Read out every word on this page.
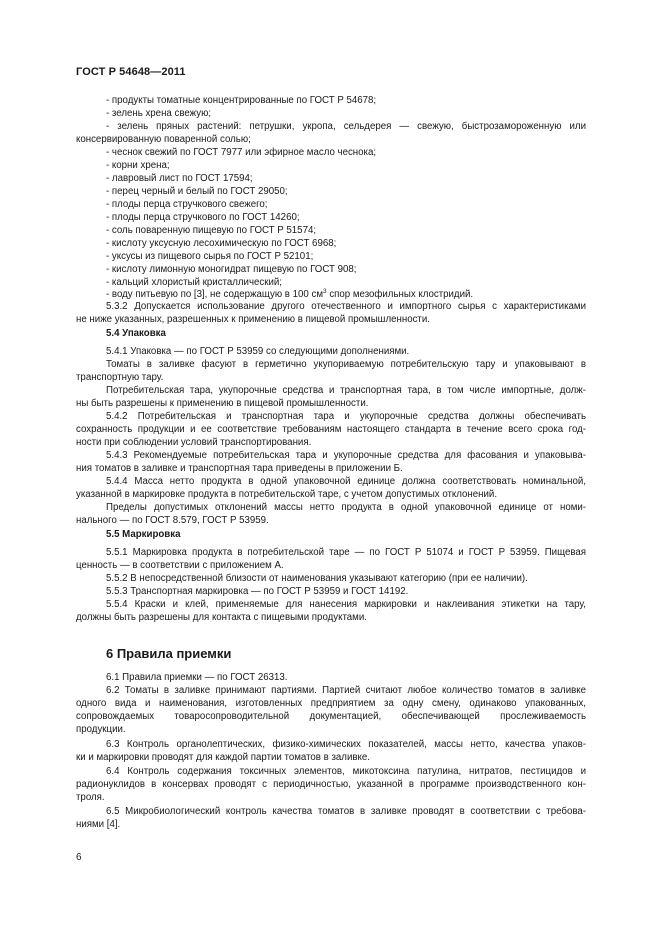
ГОСТ Р 54648—2011
- продукты томатные концентрированные по ГОСТ Р 54678;
- зелень хрена свежую;
- зелень пряных растений: петрушки, укропа, сельдерея — свежую, быстрозамороженную или
консервированную поваренной солью;
- чеснок свежий по ГОСТ 7977 или эфирное масло чеснока;
- корни хрена;
- лавровый лист по ГОСТ 17594;
- перец черный и белый по ГОСТ 29050;
- плоды перца стручкового свежего;
- плоды перца стручкового по ГОСТ 14260;
- соль поваренную пищевую по ГОСТ Р 51574;
- кислоту уксусную лесохимическую по ГОСТ 6968;
- уксусы из пищевого сырья по ГОСТ Р 52101;
- кислоту лимонную моногидрат пищевую по ГОСТ 908;
- кальций хлористый кристаллический;
- воду питьевую по [3], не содержащую в 100 $см^3$ спор мезофильных клостридий.
5.3.2 Допускается использование другого отечественного и импортного сырья с характеристиками
не ниже указанных, разрешенных к применению в пищевой промышленности.
5.4 Упаковка
5.4.1 Упаковка — по ГОСТ Р 53959 со следующими дополнениями.
Томаты в заливке фасуют в герметично укупориваемую потребительскую тару и упаковывают в
транспортную тару.
Потребительская тара, укупорочные средства и транспортная тара, в том числе импортные, долж-
ны быть разрешены к применению в пищевой промышленности.
5.4.2 Потребительская и транспортная тара и укупорочные средства должны обеспечивать
сохранность продукции и ее соответствие требованиям настоящего стандарта в течение всего срока год-
ности при соблюдении условий транспортирования.
5.4.3 Рекомендуемые потребительская тара и укупорочные средства для фасования и упаковыва-
ния томатов в заливке и транспортная тара приведены в приложении Б.
5.4.4 Масса нетто продукта в одной упаковочной единице должна соответствовать номинальной,
указанной в маркировке продукта в потребительской таре, с учетом допустимых отклонений.
Пределы допустимых отклонений массы нетто продукта в одной упаковочной единице от номи-
нального — по ГОСТ 8.579, ГОСТ Р 53959.
5.5 Маркировка
5.5.1 Маркировка продукта в потребительской таре — по ГОСТ Р 51074 и ГОСТ Р 53959. Пищевая
ценность — в соответствии с приложением А.
5.5.2 В непосредственной близости от наименования указывают категорию (при ее наличии).
5.5.3 Транспортная маркировка — по ГОСТ Р 53959 и ГОСТ 14192.
5.5.4 Краски и клей, применяемые для нанесения маркировки и наклеивания этикетки на тару,
должны быть разрешены для контакта с пищевыми продуктами.
6 Правила приемки
6.1 Правила приемки — по ГОСТ 26313.
6.2 Томаты в заливке принимают партиями. Партией считают любое количество томатов в заливке
одного вида и наименования, изготовленных предприятием за одну смену, одинаково упакованных,
сопровождаемых товаросопроводительной документацией, обеспечивающей прослеживаемость
продукции.
6.3 Контроль органолептических, физико-химических показателей, массы нетто, качества упаков-
ки и маркировки проводят для каждой партии томатов в заливке.
6.4 Контроль содержания токсичных элементов, микотоксина патулина, нитратов, пестицидов и
радионуклидов в консервах проводят с периодичностью, указанной в программе производственного кон-
троля.
6.5 Микробиологический контроль качества томатов в заливке проводят в соответствии с требова-
ниями [4].
6
